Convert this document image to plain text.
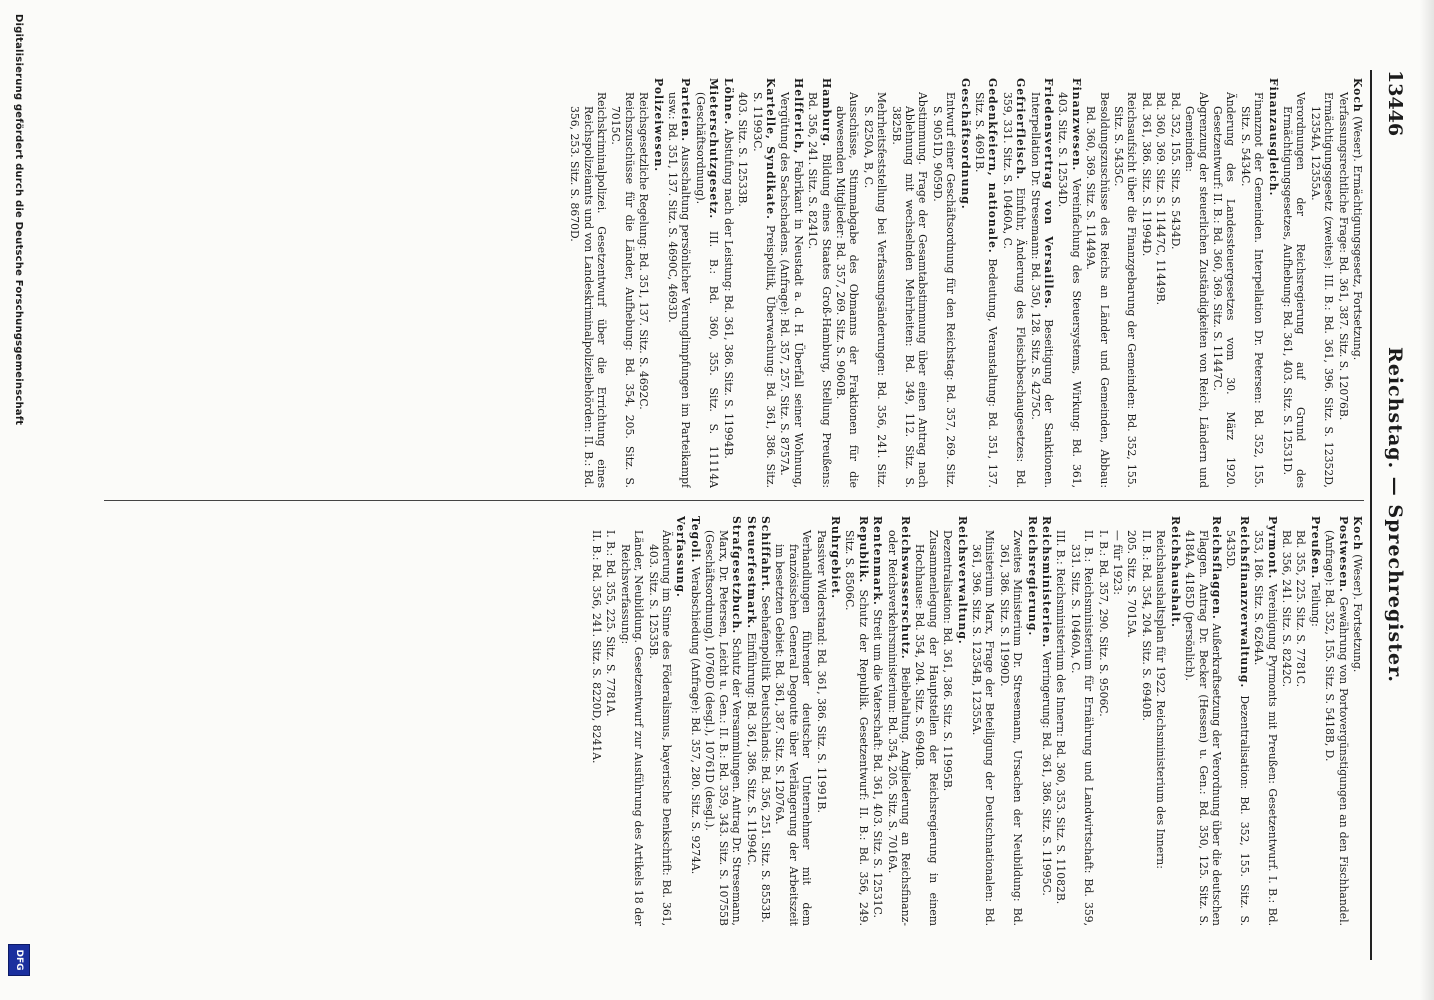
13446
Reichstag. — Sprechregister.

Koch (Weser). Ermächtigungsgesetz, Fortsetzung.

Verfassungsrechtliche Frage: Bd. 361, 387. Sitz. S. 12076B.

Ermächtigungsgesetz (zweites): III. B.: Bd. 361, 396. Sitz. S. 12352D, 12354A, 12355A.

Verordnungen der Reichsregierung auf Grund des Ermächtigungsgesetzes, Aufhebung: Bd. 361, 403. Sitz. S. 12531D.

Finanzausgleich.

Finanznot der Gemeinden. Interpellation Dr. Petersen: Bd. 352, 155. Sitz. S. 5434C.

Änderung des Landessteuergesetzes vom 30. März 1920. Gesetzentwurf: II. B.: Bd. 360, 369. Sitz. S. 11447C.

Abgrenzung der steuerlichen Zuständigkeiten von Reich, Ländern und Gemeinden:

Bd. 352, 155. Sitz. S. 5434D.

Bd. 360, 369. Sitz. S. 11447C, 11449B.

Bd. 361, 386. Sitz. S. 11994D.

Reichsaufsicht über die Finanzgebarung der Gemeinden: Bd. 352, 155. Sitz. S. 5435C.

Besoldungszuschüsse des Reichs an Länder und Gemeinden, Abbau: Bd. 360, 369. Sitz. S. 11449A.

Finanzwesen. Vereinfachung des Steuersystems, Wirkung: Bd. 361, 403. Sitz. S. 12534D.

Friedensvertrag von Versailles. Beseitigung der Sanktionen. Interpellation Dr. Stresemann: Bd. 350, 128. Sitz. S. 4275C.

Gefrierfleisch. Einfuhr, Änderung des Fleischbeschaugesetzes: Bd. 359, 331. Sitz. S. 10460A, C.

Gedenkfeiern, nationale. Bedeutung, Veranstaltung: Bd. 351, 137. Sitz. S. 4691B.

Geschäftsordnung.

Entwurf einer Geschäftsordnung für den Reichstag: Bd. 357, 269. Sitz. S. 9051D, 9059D.

Abstimmung. Frage der Gesamtabstimmung über einen Antrag nach Ablehnung mit wechselnden Mehrheiten: Bd. 349, 112. Sitz. S. 3825B.

Mehrheitsfeststellung bei Verfassungsänderungen: Bd. 356, 241. Sitz. S. 8250A, B, C.

Ausschüsse, Stimmabgabe des Obmanns der Fraktionen für die abwesenden Mitglieder: Bd. 357, 269. Sitz. S. 9060B.

Hamburg. Bildung eines Staates Groß-Hamburg, Stellung Preußens: Bd. 356, 241. Sitz. S. 8241C.

Helfferich, Fabrikant in Neustadt a. d. H. Überfall seiner Wohnung, Vergütung des Sachschadens. (Anfrage): Bd. 357, 257. Sitz. S. 8757A.

Kartelle, Syndikate. Preispolitik, Überwachung: Bd. 361, 386. Sitz. S. 11993C.

403. Sitz. S. 12533B.

Löhne. Abstufung nach der Leistung: Bd. 361, 386. Sitz. S. 11994B.

Mieterschutzgesetz. III. B.: Bd. 360, 355. Sitz. S. 11114A (Geschäftsordnung).

Parteien. Ausschaltung persönlicher Verunglimpfungen im Parteikampf usw.: Bd. 351, 137. Sitz. S. 4690C, 4693D.

Polizeiwesen.

Reichsgesetzliche Regelung: Bd. 351, 137. Sitz. S. 4692C.

Reichszuschüsse für die Länder, Aufhebung: Bd. 354, 205. Sitz. S. 7015C.

Reichskriminalpolizei. Gesetzentwurf über die Errichtung eines Reichspolizeiamts und von Landeskriminalpolizeibehörden: II. B.: Bd. 356, 253. Sitz. S. 8670D.

Koch (Weser). Fortsetzung.

Postwesen. Gewährung von Portovergünstigungen an den Fischhandel. (Anfrage): Bd. 352, 155. Sitz. S. 5418B, D.

Preußen. Teilung:

Bd. 355, 225. Sitz. S. 7781C.

Bd. 356, 241. Sitz. S. 8242C.

Pyrmont. Vereinigung Pyrmonts mit Preußen: Gesetzentwurf. I. B.: Bd. 353, 186. Sitz. S. 6264A.

Reichsfinanzverwaltung. Dezentralisation: Bd. 352, 155. Sitz. S. 5435D.

Reichsflaggen. Außerkraftsetzung der Verordnung über die deutschen Flaggen. Antrag Dr. Becker (Hessen) u. Gen.: Bd. 350, 125. Sitz. S. 4184A, 4185D (persönlich).

Reichshaushalt.

Reichshaushaltsplan für 1922. Reichsministerium des Innern:

II. B.: Bd. 354, 204. Sitz. S. 6940B.

205. Sitz. S. 7015A.

— für 1923:

I. B.: Bd. 357, 290. Sitz. S. 9506C.

II. B.: Reichsministerium für Ernährung und Landwirtschaft: Bd. 359, 331. Sitz. S. 10460A, C.

III. B.: Reichsministerium des Innern: Bd. 360, 353. Sitz. S. 11082B.

Reichsministerien. Verringerung: Bd. 361, 386. Sitz. S. 11995C.

Reichsregierung.

Zweites Ministerium Dr. Stresemann, Ursachen der Neubildung: Bd. 361, 386. Sitz. S. 11990D.

Ministerium Marx, Frage der Beteiligung der Deutschnationalen: Bd. 361, 396. Sitz. S. 12354B, 12355A.

Reichsverwaltung.

Dezentralisation: Bd. 361, 386. Sitz. S. 11995B.

Zusammenlegung der Hauptstellen der Reichsregierung in einem Hochhause: Bd. 354, 204. Sitz. S. 6940B.

Reichswasserschutz. Beibehaltung. Angliederung an Reichsfinanz- oder Reichsverkehrsministerium: Bd. 354, 205. Sitz. S. 7016A.

Rentenmark. Streit um die Vaterschaft: Bd. 361, 403. Sitz. S. 12531C.

Republik. Schutz der Republik. Gesetzentwurf: II. B.: Bd. 356, 249. Sitz. S. 8506C.

Ruhrgebiet.

Passiver Widerstand: Bd. 361, 386. Sitz. S. 11991B.

Verhandlungen führender deutscher Unternehmer mit dem französischen General Degoutte über Verlängerung der Arbeitszeit im besetzten Gebiet: Bd. 361, 387. Sitz. S. 12076A.

Schiffahrt. Seehafenpolitik Deutschlands: Bd. 356, 251. Sitz. S. 8553B.

Steuerfestmark. Einführung: Bd. 361, 386. Sitz. S. 11994C.

Strafgesetzbuch. Schutz der Versammlungen. Antrag Dr. Stresemann, Marx, Dr. Petersen, Leicht u. Gen.: II. B.: Bd. 359, 343. Sitz. S. 10755B (Geschäftsordnung), 10760D (desgl.), 10761D (desgl.).

Tegoli. Verabschiedung (Anfrage): Bd. 357, 280. Sitz. S. 9274A.

Verfassung.

Änderung im Sinne des Föderalismus, bayerische Denkschrift: Bd. 361, 403. Sitz. S. 12535B.

Länder, Neubildung. Gesetzentwurf zur Ausführung des Artikels 18 der Reichsverfassung:

I. B.: Bd. 355, 225. Sitz. S. 7781A.

II. B.: Bd. 356, 241. Sitz. S. 8220D, 8241A.

Digitalisierung gefördert durch die Deutsche Forschungsgemeinschaft
DFG
